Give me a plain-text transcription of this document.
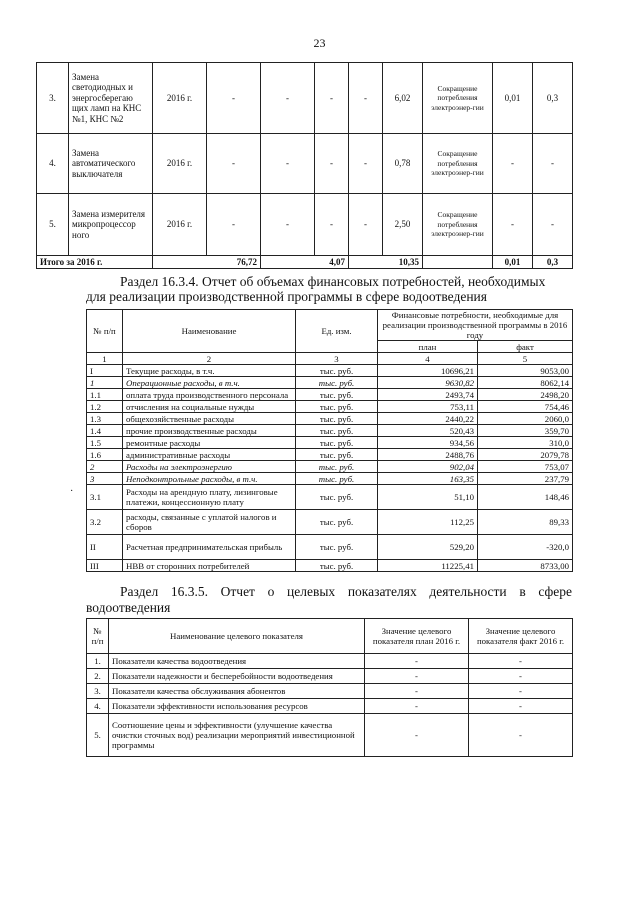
23
3.	Замена светодиодных и энергосберегаю щих ламп на КНС №1, КНС №2	2016 г.	-	-	-	-	6,02	Сокращение потребления электроэнер-гии	0,01	0,3
4.	Замена автоматического выключателя	2016 г.	-	-	-	-	0,78	Сокращение потребления электроэнер-гии	-	-
5.	Замена измерителя микропроцессор ного	2016 г.	-	-	-	-	2,50	Сокращение потребления электроэнер-гии	-	-
Итого за 2016 г.		76,72		4,07		10,35			0,01	0,3
Раздел 16.3.4. Отчет об объемах финансовых потребностей, необходимых
для реализации производственной программы в сфере водоотведения
№ п/п	Наименование	Ед. изм.	Финансовые потребности, необходимые для реализации производственной программы в 2016 году	
			план	факт
1	2	3	4	5
I	Текущие расходы, в т.ч.	тыс. руб.	10696,21	9053,00
1	Операционные расходы, в т.ч.	тыс. руб.	9630,82	8062,14
1.1	оплата труда производственного персонала	тыс. руб.	2493,74	2498,20
1.2	отчисления на социальные нужды	тыс. руб.	753,11	754,46
1.3	общехозяйственные расходы	тыс. руб.	2440,22	2060,0
1.4	прочие производственные расходы	тыс. руб.	520,43	359,70
1.5	ремонтные расходы	тыс. руб.	934,56	310,0
1.6	административные расходы	тыс. руб.	2488,76	2079,78
2	Расходы на электроэнергию	тыс. руб.	902,04	753,07
3	Неподконтрольные расходы, в т.ч.	тыс. руб.	163,35	237,79
3.1	Расходы на арендную плату, лизинговые платежи, концессионную плату	тыс. руб.	51,10	148,46
3.2	расходы, связанные с уплатой налогов и сборов	тыс. руб.	112,25	89,33
II	Расчетная предпринимательская прибыль	тыс. руб.	529,20	-320,0
III	НВВ от сторонних потребителей	тыс. руб.	11225,41	8733,00
·
Раздел 16.3.5. Отчет о целевых показателях деятельности в сфере
водоотведения
№ п/п	Наименование целевого показателя	Значение целевого показателя план 2016 г.	Значение целевого показателя факт 2016 г.
1.	Показатели качества водоотведения	-	-
2.	Показатели надежности и бесперебойности водоотведения	-	-
3.	Показатели качества обслуживания абонентов	-	-
4.	Показатели эффективности использования ресурсов	-	-
5.	Соотношение цены и эффективности (улучшение качества очистки сточных вод) реализации мероприятий инвестиционной программы	-	-
